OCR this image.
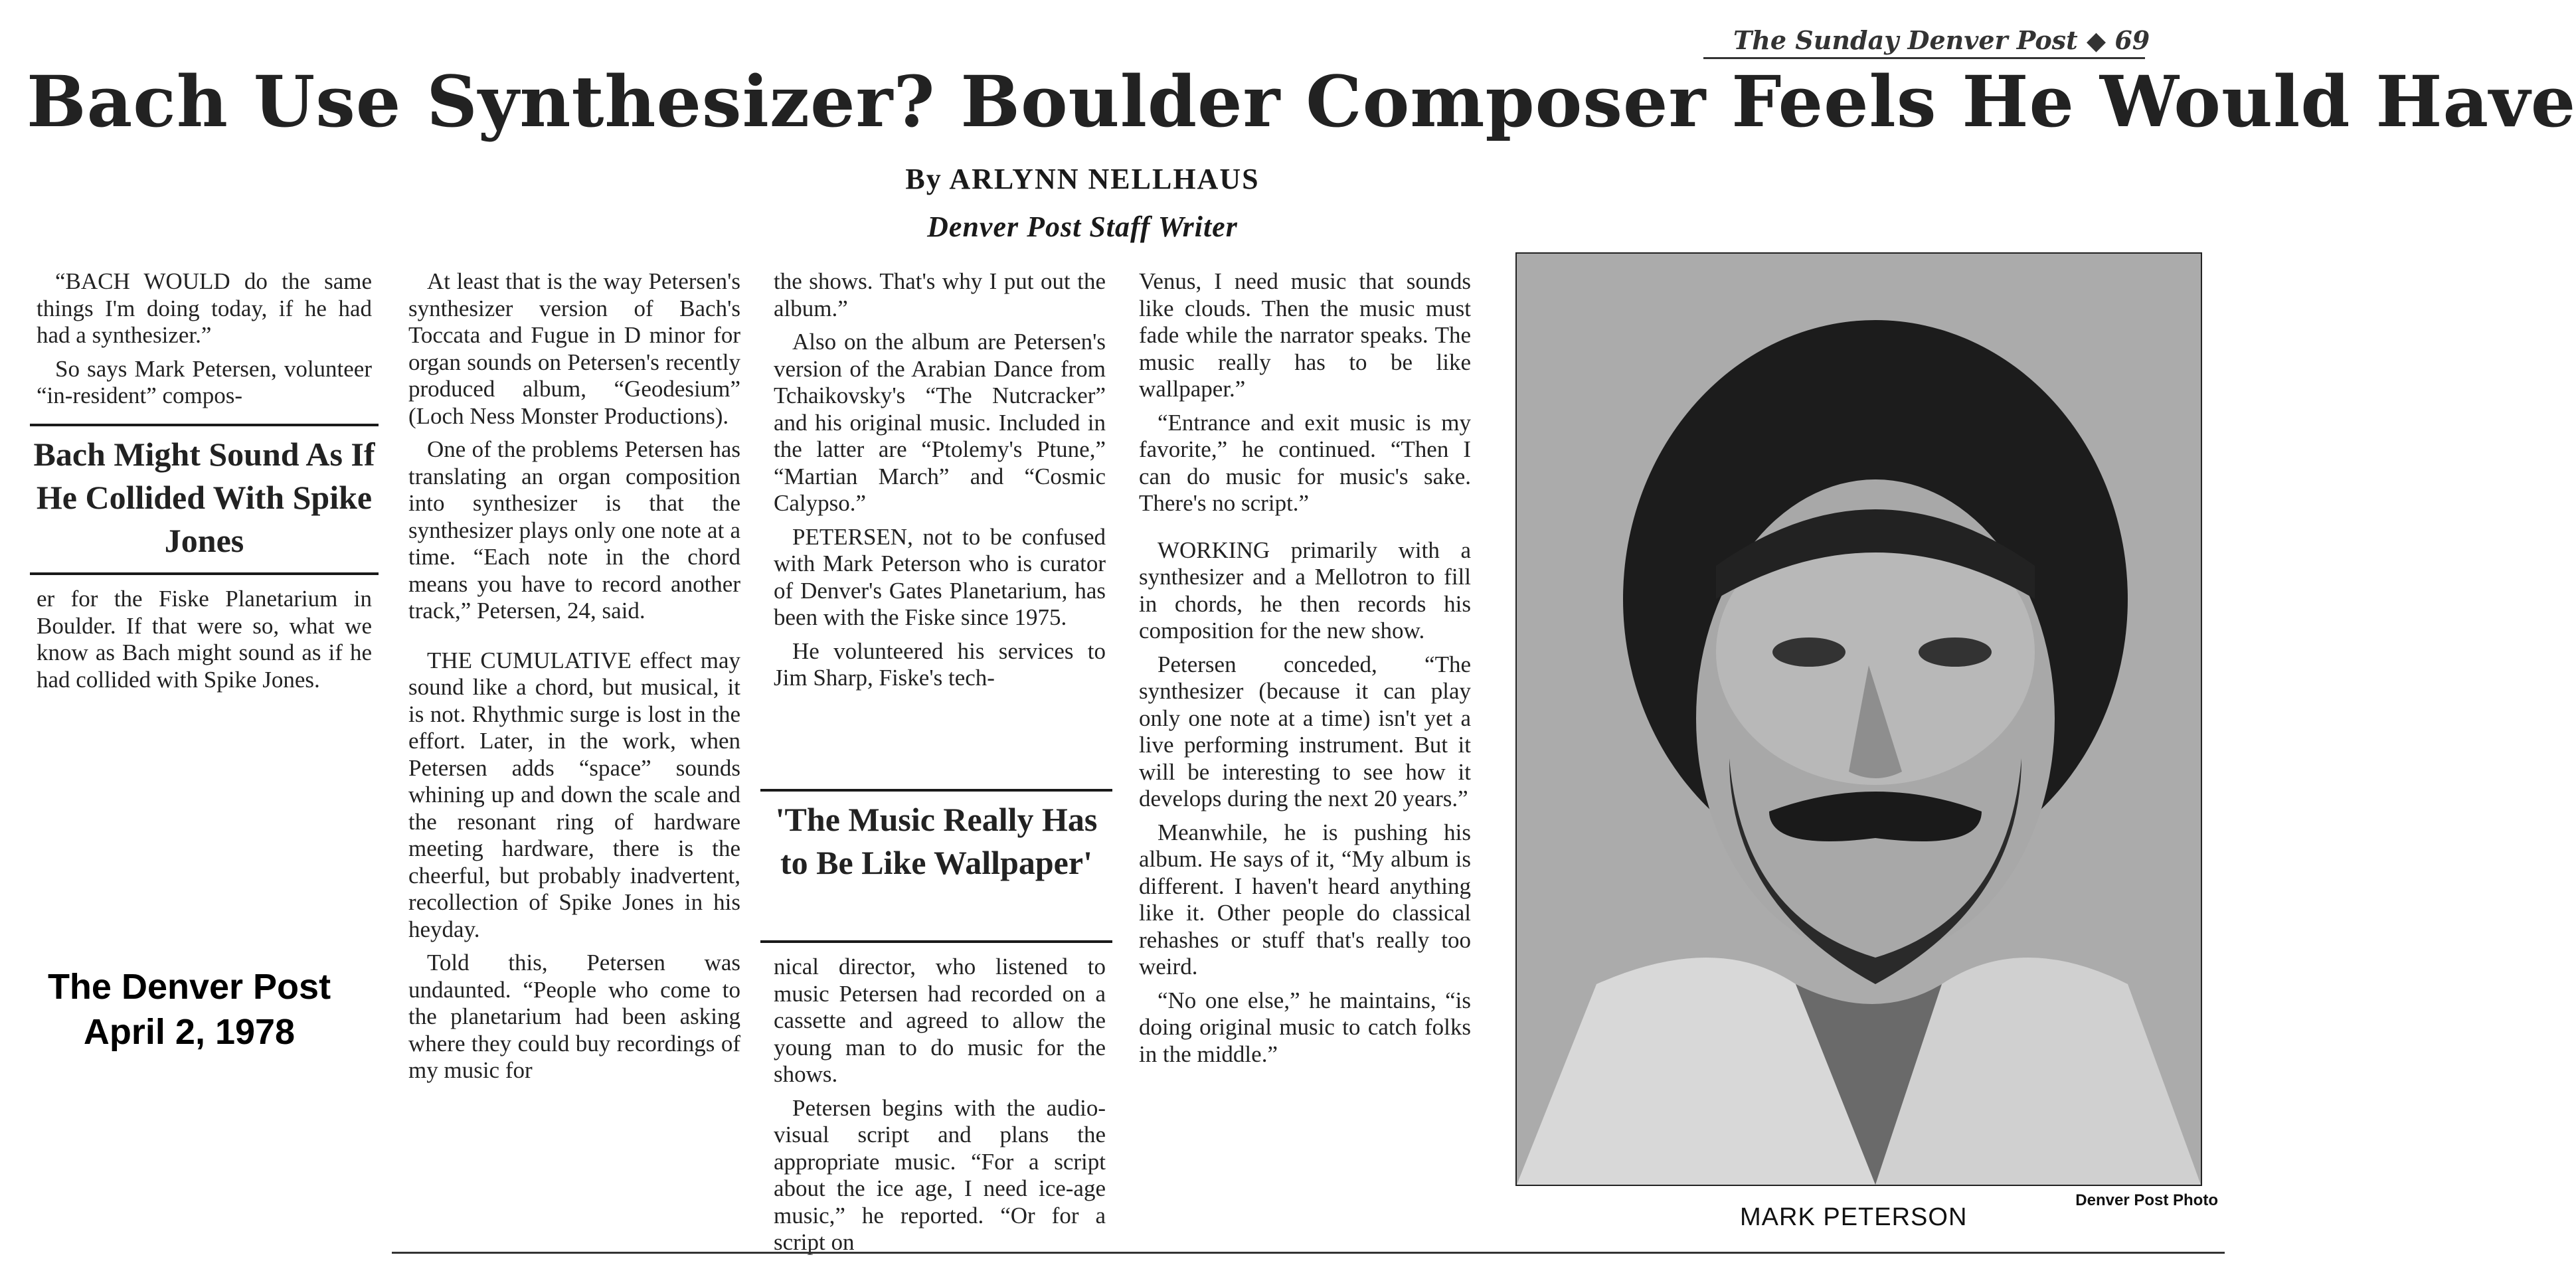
The Sunday Denver Post ◆ 69
Bach Use Synthesizer? Boulder Composer Feels He Would Have
By ARLYNN NELLHAUS
Denver Post Staff Writer

“BACH WOULD do the same things I'm doing today, if he had had a synthesizer.”

So says Mark Petersen, volunteer “in-resident” compos-

Bach Might Sound As If He Collided With Spike Jones

er for the Fiske Planetarium in Boulder. If that were so, what we know as Bach might sound as if he had collided with Spike Jones.

The Denver Post
April 2, 1978

At least that is the way Petersen's synthesizer version of Bach's Toccata and Fugue in D minor for organ sounds on Petersen's recently produced album, “Geodesium” (Loch Ness Monster Productions).

One of the problems Petersen has translating an organ composition into synthesizer is that the synthesizer plays only one note at a time. “Each note in the chord means you have to record another track,” Petersen, 24, said.

THE CUMULATIVE effect may sound like a chord, but musical, it is not. Rhythmic surge is lost in the effort. Later, in the work, when Petersen adds “space” sounds whining up and down the scale and the resonant ring of hardware meeting hardware, there is the cheerful, but probably inadvertent, recollection of Spike Jones in his heyday.

Told this, Petersen was undaunted. “People who come to the planetarium had been asking where they could buy recordings of my music for

the shows. That's why I put out the album.”

Also on the album are Petersen's version of the Arabian Dance from Tchaikovsky's “The Nutcracker” and his original music. Included in the latter are “Ptolemy's Ptune,” “Martian March” and “Cosmic Calypso.”

PETERSEN, not to be confused with Mark Peterson who is curator of Denver's Gates Planetarium, has been with the Fiske since 1975.

He volunteered his services to Jim Sharp, Fiske's tech-

'The Music Really Has to Be Like Wallpaper'

nical director, who listened to music Petersen had recorded on a cassette and agreed to allow the young man to do music for the shows.

Petersen begins with the audio-visual script and plans the appropriate music. “For a script about the ice age, I need ice-age music,” he reported. “Or for a script on

Venus, I need music that sounds like clouds. Then the music must fade while the narrator speaks. The music really has to be like wallpaper.”

“Entrance and exit music is my favorite,” he continued. “Then I can do music for music's sake. There's no script.”

WORKING primarily with a synthesizer and a Mellotron to fill in chords, he then records his composition for the new show.

Petersen conceded, “The synthesizer (because it can play only one note at a time) isn't yet a live performing instrument. But it will be interesting to see how it develops during the next 20 years.”

Meanwhile, he is pushing his album. He says of it, “My album is different. I haven't heard anything like it. Other people do classical rehashes or stuff that's really too weird.

“No one else,” he maintains, “is doing original music to catch folks in the middle.”

Denver Post Photo
MARK PETERSON
